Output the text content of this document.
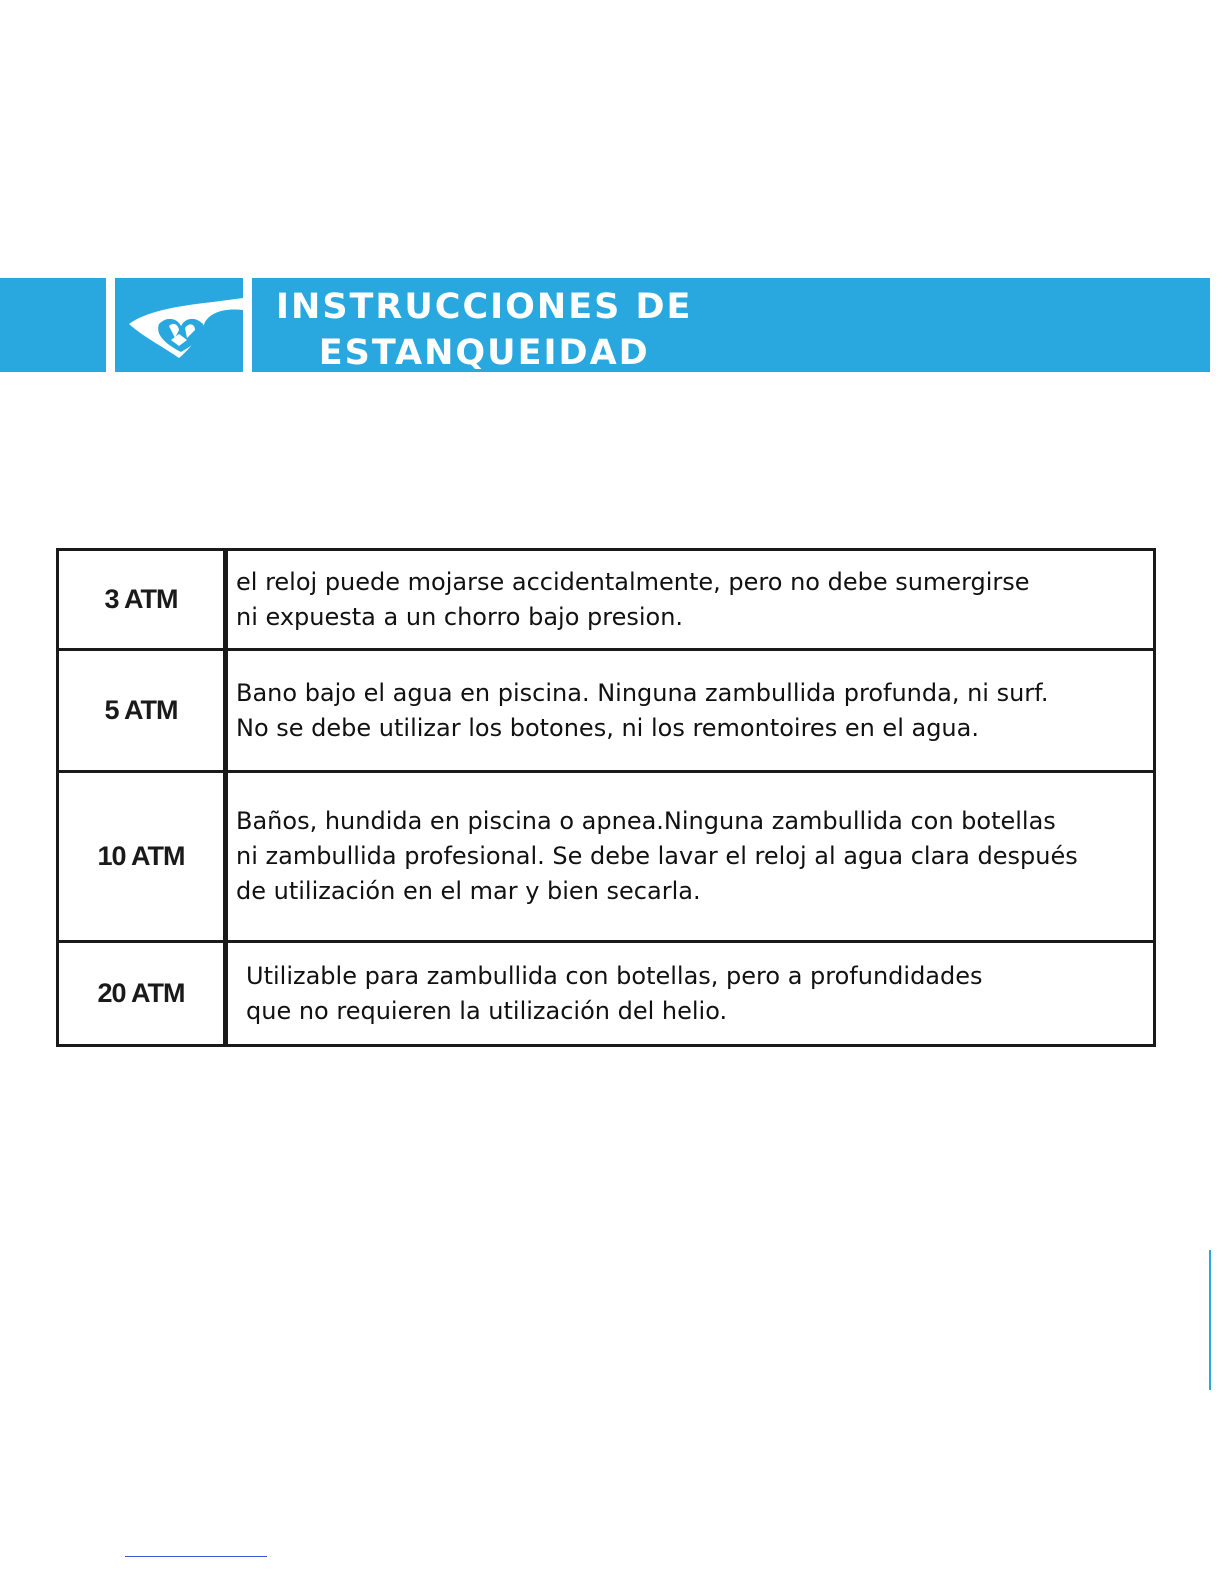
INSTRUCCIONES DE
ESTANQUEIDAD
3 ATM	el reloj puede mojarse accidentalmente, pero no debe sumergirse
ni expuesta a un chorro bajo presion.

5 ATM	Bano bajo el agua en piscina. Ninguna zambullida profunda, ni surf.
No se debe utilizar los botones, ni los remontoires en el agua.

10 ATM	Baños, hundida en piscina o apnea.Ninguna zambullida con botellas
ni zambullida profesional. Se debe lavar el reloj al agua clara después
de utilización en el mar y bien secarla.

20 ATM	Utilizable para zambullida con botellas, pero a profundidades
que no requieren la utilización del helio.
